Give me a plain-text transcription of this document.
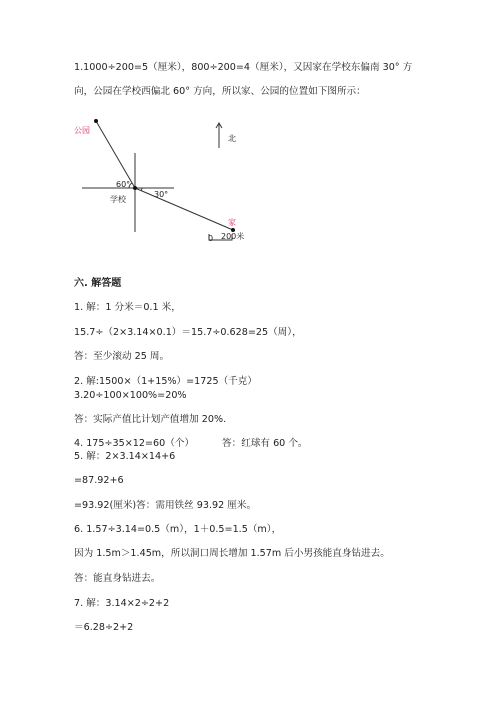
1.1000÷200=5（厘米），800÷200=4（厘米），又因家在学校东偏南 30° 方
向，公园在学校西偏北 60° 方向，所以家、公园的位置如下图所示：
公园
60°
30°
学校
家
北
0 200米
六. 解答题
1. 解：1 分米＝0.1 米，
15.7÷（2×3.14×0.1）＝15.7÷0.628=25（周），
答：至少滚动 25 周。
2. 解:1500×（1+15%）=1725（千克）
3.20÷100×100%=20%
答：实际产值比计划产值增加 20%.
4. 175÷35×12=60（个）	答：红球有 60 个。
5. 解：2×3.14×14+6
=87.92+6
=93.92(厘米)答：需用铁丝 93.92 厘米。
6. 1.57÷3.14=0.5（m），1＋0.5=1.5（m），
因为 1.5m＞1.45m，所以洞口周长增加 1.57m 后小男孩能直身钻进去。
答：能直身钻进去。
7. 解：3.14×2÷2+2
＝6.28÷2+2
